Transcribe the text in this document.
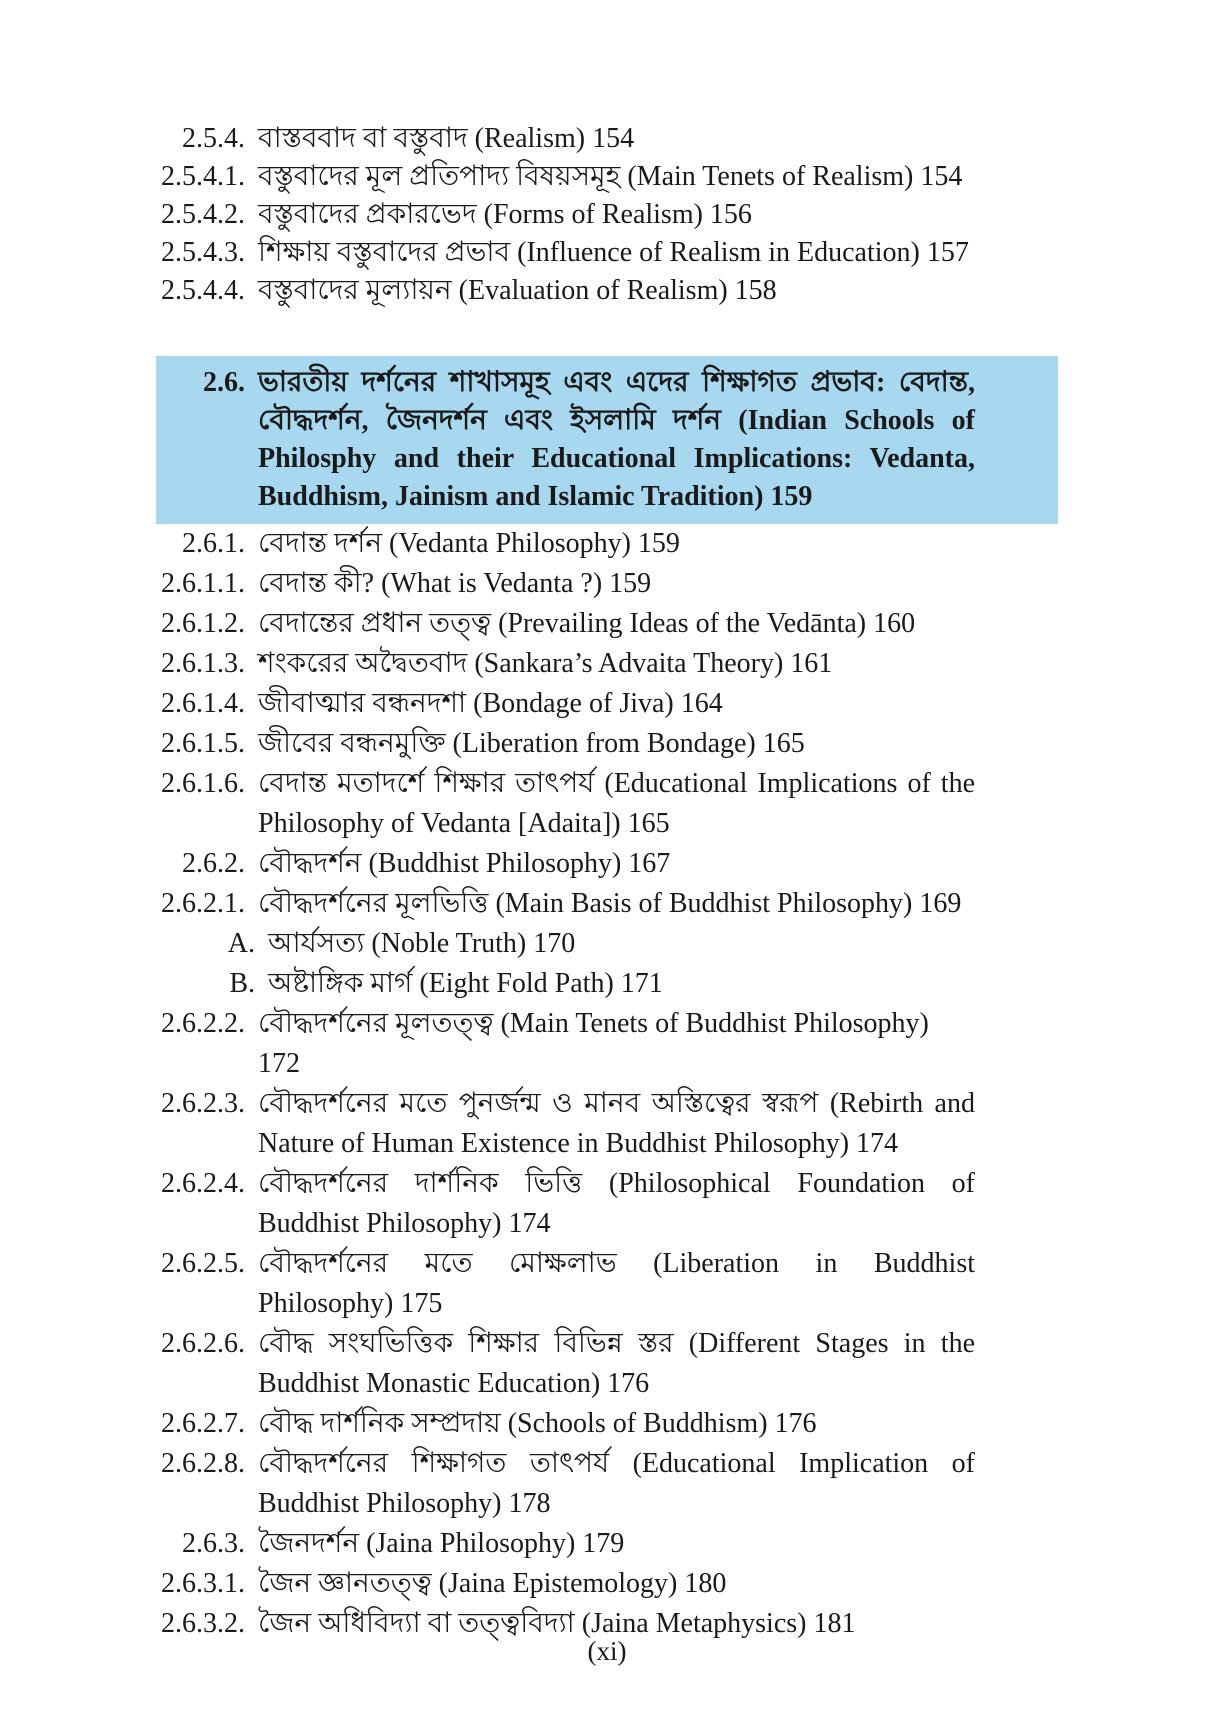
2.5.4. বাস্তববাদ বা বস্তুবাদ (Realism) 154
2.5.4.1. বস্তুবাদের মূল প্রতিপাদ্য বিষয়সমূহ (Main Tenets of Realism) 154
2.5.4.2. বস্তুবাদের প্রকারভেদ (Forms of Realism) 156
2.5.4.3. শিক্ষায় বস্তুবাদের প্রভাব (Influence of Realism in Education) 157
2.5.4.4. বস্তুবাদের মূল্যায়ন (Evaluation of Realism) 158
2.6. ভারতীয় দর্শনের শাখাসমূহ এবং এদের শিক্ষাগত প্রভাব: বেদান্ত,
বৌদ্ধদর্শন, জৈনদর্শন এবং ইসলামি দর্শন (Indian Schools of
Philosphy and their Educational Implications: Vedanta,
Buddhism, Jainism and Islamic Tradition) 159
2.6.1. বেদান্ত দর্শন (Vedanta Philosophy) 159
2.6.1.1. বেদান্ত কী? (What is Vedanta ?) 159
2.6.1.2. বেদান্তের প্রধান তত্ত্ব (Prevailing Ideas of the Vedānta) 160
2.6.1.3. শংকরের অদ্বৈতবাদ (Sankara’s Advaita Theory) 161
2.6.1.4. জীবাত্মার বন্ধনদশা (Bondage of Jiva) 164
2.6.1.5. জীবের বন্ধনমুক্তি (Liberation from Bondage) 165
2.6.1.6. বেদান্ত মতাদর্শে শিক্ষার তাৎপর্য (Educational Implications of the
Philosophy of Vedanta [Adaita]) 165
2.6.2. বৌদ্ধদর্শন (Buddhist Philosophy) 167
2.6.2.1. বৌদ্ধদর্শনের মূলভিত্তি (Main Basis of Buddhist Philosophy) 169
A. আর্যসত্য (Noble Truth) 170
B. অষ্টাঙ্গিক মার্গ (Eight Fold Path) 171
2.6.2.2. বৌদ্ধদর্শনের মূলতত্ত্ব (Main Tenets of Buddhist Philosophy) 172
2.6.2.3. বৌদ্ধদর্শনের মতে পুনর্জন্ম ও মানব অস্তিত্বের স্বরূপ (Rebirth and
Nature of Human Existence in Buddhist Philosophy) 174
2.6.2.4. বৌদ্ধদর্শনের দার্শনিক ভিত্তি (Philosophical Foundation of
Buddhist Philosophy) 174
2.6.2.5. বৌদ্ধদর্শনের মতে মোক্ষলাভ (Liberation in Buddhist
Philosophy) 175
2.6.2.6. বৌদ্ধ সংঘভিত্তিক শিক্ষার বিভিন্ন স্তর (Different Stages in the
Buddhist Monastic Education) 176
2.6.2.7. বৌদ্ধ দার্শনিক সম্প্রদায় (Schools of Buddhism) 176
2.6.2.8. বৌদ্ধদর্শনের শিক্ষাগত তাৎপর্য (Educational Implication of
Buddhist Philosophy) 178
2.6.3. জৈনদর্শন (Jaina Philosophy) 179
2.6.3.1. জৈন জ্ঞানতত্ত্ব (Jaina Epistemology) 180
2.6.3.2. জৈন অধিবিদ্যা বা তত্ত্ববিদ্যা (Jaina Metaphysics) 181
(xi)
